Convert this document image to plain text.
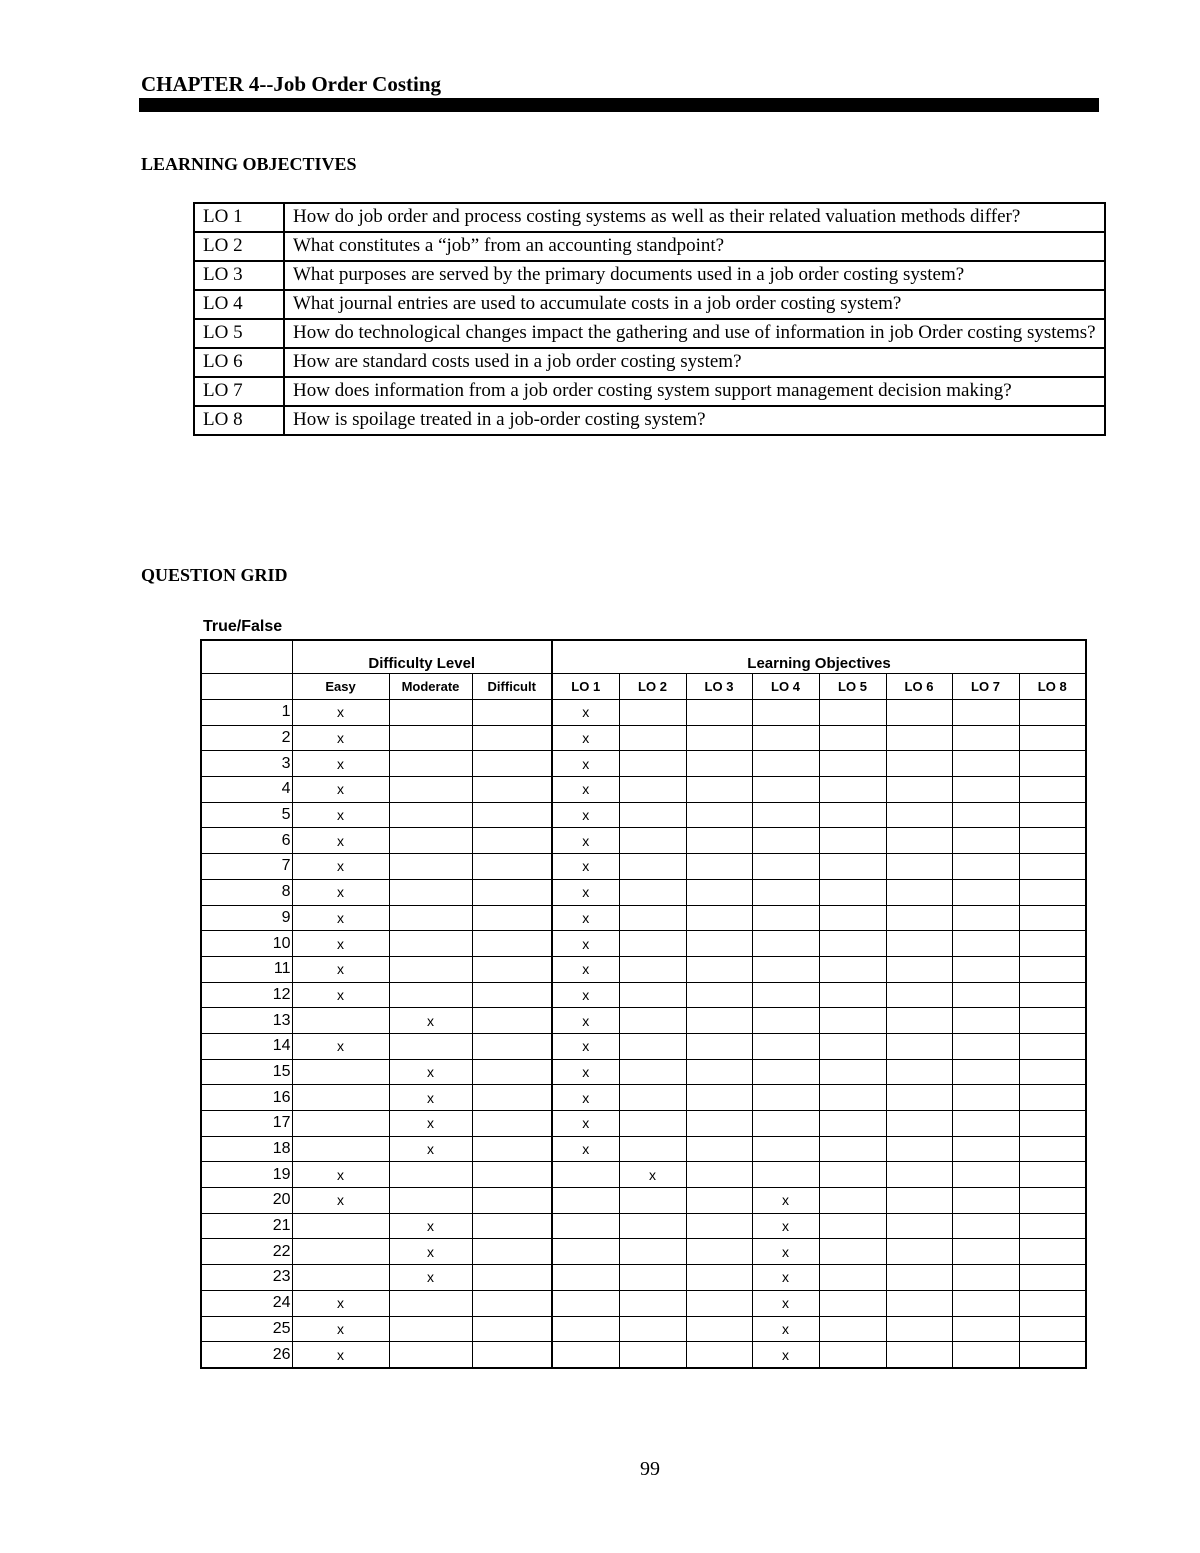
CHAPTER 4--Job Order Costing
LEARNING OBJECTIVES
LO 1	How do job order and process costing systems as well as their related valuation methods differ?
LO 2	What constitutes a “job” from an accounting standpoint?
LO 3	What purposes are served by the primary documents used in a job order costing system?
LO 4	What journal entries are used to accumulate costs in a job order costing system?
LO 5	How do technological changes impact the gathering and use of information in job Order costing systems?
LO 6	How are standard costs used in a job order costing system?
LO 7	How does information from a job order costing system support management decision making?
LO 8	How is spoilage treated in a job-order costing system?
QUESTION GRID
True/False
	Difficulty Level			Learning Objectives							
	Easy	Moderate	Difficult	LO 1	LO 2	LO 3	LO 4	LO 5	LO 6	LO 7	LO 8
1	x			x							
2	x			x							
3	x			x							
4	x			x							
5	x			x							
6	x			x							
7	x			x							
8	x			x							
9	x			x							
10	x			x							
11	x			x							
12	x			x							
13		x		x							
14	x			x							
15		x		x							
16		x		x							
17		x		x							
18		x		x							
19	x				x						
20	x						x				
21		x					x				
22		x					x				
23		x					x				
24	x						x				
25	x						x				
26	x						x				
99
